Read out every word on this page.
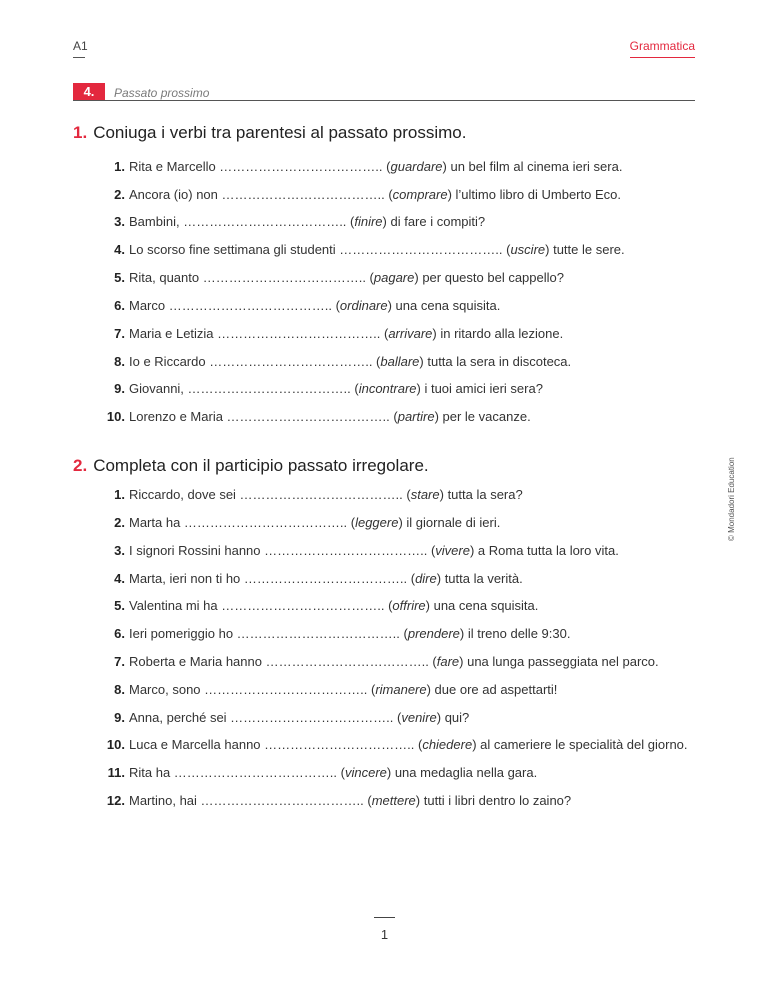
A1	Grammatica
4.	Passato prossimo
1. Coniuga i verbi tra parentesi al passato prossimo.
1. Rita e Marcello ……………………………….. (guardare) un bel film al cinema ieri sera.
2. Ancora (io) non ……………………………….. (comprare) l’ultimo libro di Umberto Eco.
3. Bambini, ……………………………….. (finire) di fare i compiti?
4. Lo scorso fine settimana gli studenti ……………………………….. (uscire) tutte le sere.
5. Rita, quanto ……………………………….. (pagare) per questo bel cappello?
6. Marco ……………………………….. (ordinare) una cena squisita.
7. Maria e Letizia ……………………………….. (arrivare) in ritardo alla lezione.
8. Io e Riccardo ……………………………….. (ballare) tutta la sera in discoteca.
9. Giovanni, ……………………………….. (incontrare) i tuoi amici ieri sera?
10. Lorenzo e Maria ……………………………….. (partire) per le vacanze.
2. Completa con il participio passato irregolare.
1. Riccardo, dove sei ……………………………….. (stare) tutta la sera?
2. Marta ha ……………………………….. (leggere) il giornale di ieri.
3. I signori Rossini hanno ……………………………….. (vivere) a Roma tutta la loro vita.
4. Marta, ieri non ti ho ……………………………….. (dire) tutta la verità.
5. Valentina mi ha ……………………………….. (offrire) una cena squisita.
6. Ieri pomeriggio ho ……………………………….. (prendere) il treno delle 9:30.
7. Roberta e Maria hanno ……………………………….. (fare) una lunga passeggiata nel parco.
8. Marco, sono ……………………………….. (rimanere) due ore ad aspettarti!
9. Anna, perché sei ……………………………….. (venire) qui?
10. Luca e Marcella hanno …………………………….. (chiedere) al cameriere le specialità del giorno.
11. Rita ha ……………………………….. (vincere) una medaglia nella gara.
12. Martino, hai ……………………………….. (mettere) tutti i libri dentro lo zaino?
© Mondadori Education
1
